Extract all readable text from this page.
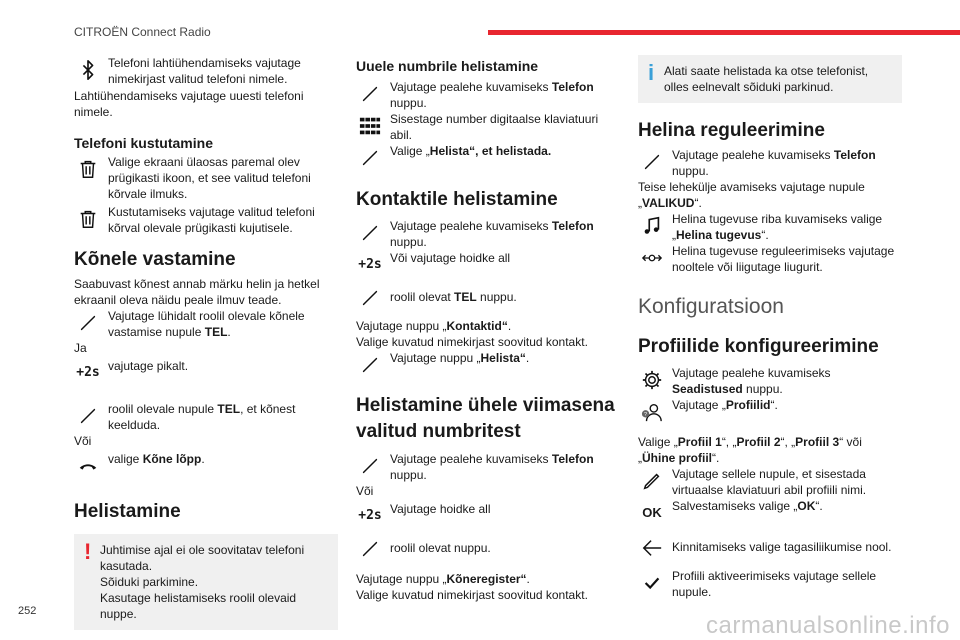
CITROËN Connect Radio
252
carmanualsonline.info
Telefoni lahtiühendamiseks vajutage nimekirjast valitud telefoni nimele.
Lahtiühendamiseks vajutage uuesti telefoni nimele.
Telefoni kustutamine
Valige ekraani ülaosas paremal olev prügikasti ikoon, et see valitud telefoni kõrvale ilmuks.
Kustutamiseks vajutage valitud telefoni kõrval olevale prügikasti kujutisele.
Kõnele vastamine
Saabuvast kõnest annab märku helin ja hetkel ekraanil oleva näidu peale ilmuv teade.
Vajutage lühidalt roolil olevale kõnele vastamise nupule TEL.
Ja
+2s vajutage pikalt.
roolil olevale nupule TEL, et kõnest keelduda.
Või
valige Kõne lõpp.
Helistamine
! Juhtimise ajal ei ole soovitatav telefoni kasutada.
Sõiduki parkimine.
Kasutage helistamiseks roolil olevaid nuppe.
Uuele numbrile helistamine
Vajutage pealehe kuvamiseks Telefon nuppu.
Sisestage number digitaalse klaviatuuri abil.
Valige „Helista“, et helistada.
Kontaktile helistamine
Vajutage pealehe kuvamiseks Telefon nuppu.
+2s Või vajutage hoidke all
roolil olevat TEL nuppu.
Vajutage nuppu „Kontaktid“.
Valige kuvatud nimekirjast soovitud kontakt.
Vajutage nuppu „Helista“.
Helistamine ühele viimasena valitud numbritest
Vajutage pealehe kuvamiseks Telefon nuppu.
Või
+2s Vajutage hoidke all
roolil olevat nuppu.
Vajutage nuppu „Kõneregister“.
Valige kuvatud nimekirjast soovitud kontakt.
i Alati saate helistada ka otse telefonist, olles eelnevalt sõiduki parkinud.
Helina reguleerimine
Vajutage pealehe kuvamiseks Telefon nuppu.
Teise lehekülje avamiseks vajutage nupule „VALIKUD“.
Helina tugevuse riba kuvamiseks valige „Helina tugevus“.
Helina tugevuse reguleerimiseks vajutage nooltele või liigutage liugurit.
Konfiguratsioon
Profiilide konfigureerimine
Vajutage pealehe kuvamiseks Seadistused nuppu.
?
Vajutage „Profiilid“.
Valige „Profiil 1“, „Profiil 2“, „Profiil 3“ või „Ühine profiil“.
Vajutage sellele nupule, et sisestada virtuaalse klaviatuuri abil profiili nimi.
OK Salvestamiseks valige „OK“.
Kinnitamiseks valige tagasiliikumise nool.
Profiili aktiveerimiseks vajutage sellele nupule.
